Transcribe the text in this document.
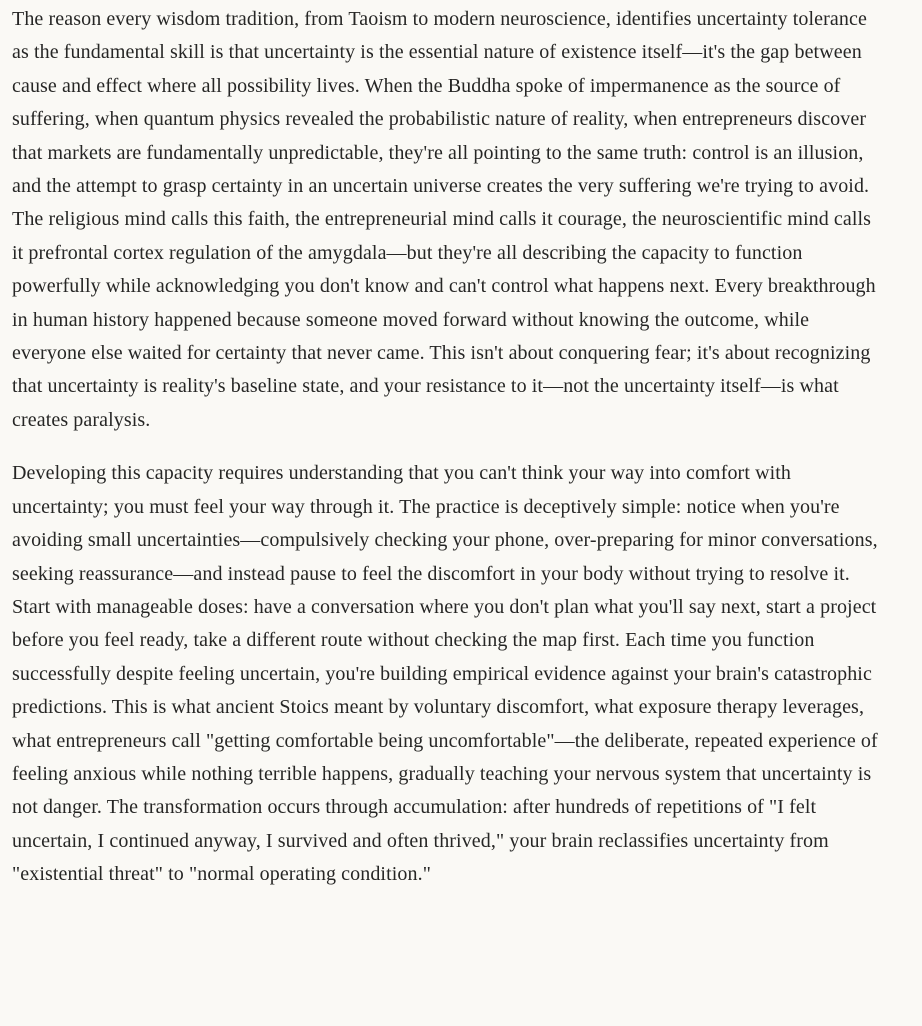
The reason every wisdom tradition, from Taoism to modern neuroscience, identifies uncertainty tolerance as the fundamental skill is that uncertainty is the essential nature of existence itself—it's the gap between cause and effect where all possibility lives. When the Buddha spoke of impermanence as the source of suffering, when quantum physics revealed the probabilistic nature of reality, when entrepreneurs discover that markets are fundamentally unpredictable, they're all pointing to the same truth: control is an illusion, and the attempt to grasp certainty in an uncertain universe creates the very suffering we're trying to avoid. The religious mind calls this faith, the entrepreneurial mind calls it courage, the neuroscientific mind calls it prefrontal cortex regulation of the amygdala—but they're all describing the capacity to function powerfully while acknowledging you don't know and can't control what happens next. Every breakthrough in human history happened because someone moved forward without knowing the outcome, while everyone else waited for certainty that never came. This isn't about conquering fear; it's about recognizing that uncertainty is reality's baseline state, and your resistance to it—not the uncertainty itself—is what creates paralysis.

Developing this capacity requires understanding that you can't think your way into comfort with uncertainty; you must feel your way through it. The practice is deceptively simple: notice when you're avoiding small uncertainties—compulsively checking your phone, over-preparing for minor conversations, seeking reassurance—and instead pause to feel the discomfort in your body without trying to resolve it. Start with manageable doses: have a conversation where you don't plan what you'll say next, start a project before you feel ready, take a different route without checking the map first. Each time you function successfully despite feeling uncertain, you're building empirical evidence against your brain's catastrophic predictions. This is what ancient Stoics meant by voluntary discomfort, what exposure therapy leverages, what entrepreneurs call "getting comfortable being uncomfortable"—the deliberate, repeated experience of feeling anxious while nothing terrible happens, gradually teaching your nervous system that uncertainty is not danger. The transformation occurs through accumulation: after hundreds of repetitions of "I felt uncertain, I continued anyway, I survived and often thrived," your brain reclassifies uncertainty from "existential threat" to "normal operating condition."
